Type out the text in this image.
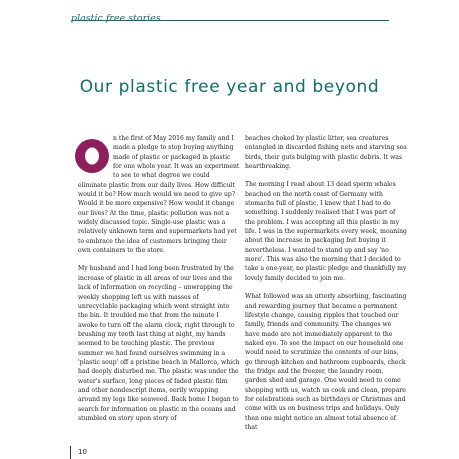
plastic free stories
Our plastic free year and beyond

n the first of May 2016 my family and I made a pledge to stop buying anything made of plastic or packaged in plastic for one whole year. It was an experiment to see to what degree we could eliminate plastic from our daily lives. How difficult would it be? How much would we need to give up? Would it be more expensive? How would it change our lives? At the time, plastic pollution was not a widely discussed topic. Single-use plastic was a relatively unknown term and supermarkets had yet to embrace the idea of customers bringing their own containers to the store.

My husband and I had long been frustrated by the increase of plastic in all areas of our lives and the lack of information on recycling – unwrapping the weekly shopping left us with masses of unrecyclable packaging which went straight into the bin. It troubled me that from the minute I awoke to turn off the alarm clock, right through to brushing my teeth last thing at night, my hands seemed to be touching plastic. The previous summer we had found ourselves swimming in a 'plastic soup' off a pristine beach in Mallorca, which had deeply disturbed me. The plastic was under the water's surface, long pieces of faded plastic film and other nondescript items, eerily wrapping around my legs like seaweed. Back home I began to search for information on plastic in the oceans and stumbled on story upon story of

beaches choked by plastic litter, sea creatures entangled in discarded fishing nets and starving sea birds, their guts bulging with plastic debris. It was heartbreaking.

The morning I read about 13 dead sperm whales beached on the north coast of Germany with stomachs full of plastic, I knew that I had to do something. I suddenly realised that I was part of the problem. I was accepting all this plastic in my life. I was in the supermarkets every week, moaning about the increase in packaging but buying it nevertheless. I wanted to stand up and say 'no more'. This was also the morning that I decided to take a one-year, no plastic pledge and thankfully my lovely family decided to join me.

What followed was an utterly absorbing, fascinating and rewarding journey that became a permanent lifestyle change, causing ripples that touched our family, friends and community. The changes we have made are not immediately apparent to the naked eye. To see the impact on our household one would need to scrutinize the contents of our bins, go through kitchen and bathroom cupboards, check the fridge and the freezer, the laundry room, garden shed and garage. One would need to come shopping with us, watch us cook and clean, prepare for celebrations such as birthdays or Christmas and come with us on business trips and holidays. Only then one might notice an almost total absence of that

10
